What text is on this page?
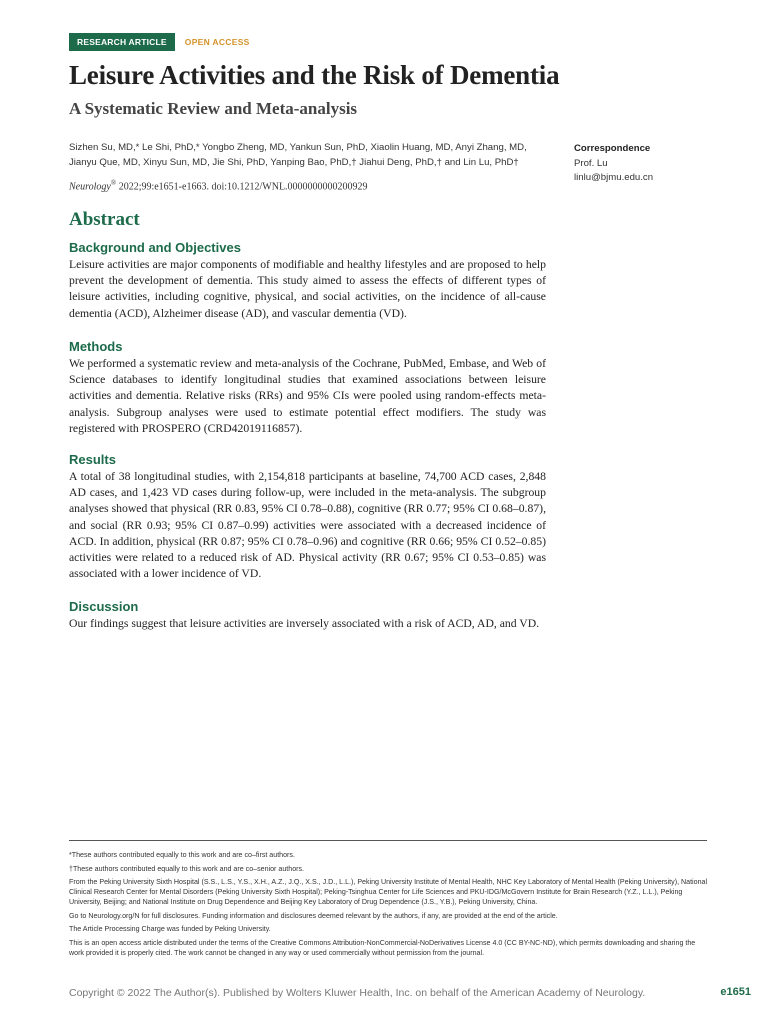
RESEARCH ARTICLE	OPEN ACCESS
Leisure Activities and the Risk of Dementia
A Systematic Review and Meta-analysis
Sizhen Su, MD,* Le Shi, PhD,* Yongbo Zheng, MD, Yankun Sun, PhD, Xiaolin Huang, MD, Anyi Zhang, MD,
Jianyu Que, MD, Xinyu Sun, MD, Jie Shi, PhD, Yanping Bao, PhD,† Jiahui Deng, PhD,† and Lin Lu, PhD†
Neurology® 2022;99:e1651-e1663. doi:10.1212/WNL.0000000000200929
Correspondence
Prof. Lu
linlu@bjmu.edu.cn
Abstract
Background and Objectives

Leisure activities are major components of modifiable and healthy lifestyles and are proposed to help prevent the development of dementia. This study aimed to assess the effects of different types of leisure activities, including cognitive, physical, and social activities, on the incidence of all-cause dementia (ACD), Alzheimer disease (AD), and vascular dementia (VD).

Methods

We performed a systematic review and meta-analysis of the Cochrane, PubMed, Embase, and Web of Science databases to identify longitudinal studies that examined associations between leisure activities and dementia. Relative risks (RRs) and 95% CIs were pooled using random-effects meta-analysis. Subgroup analyses were used to estimate potential effect modifiers. The study was registered with PROSPERO (CRD42019116857).

Results

A total of 38 longitudinal studies, with 2,154,818 participants at baseline, 74,700 ACD cases, 2,848 AD cases, and 1,423 VD cases during follow-up, were included in the meta-analysis. The subgroup analyses showed that physical (RR 0.83, 95% CI 0.78–0.88), cognitive (RR 0.77; 95% CI 0.68–0.87), and social (RR 0.93; 95% CI 0.87–0.99) activities were associated with a decreased incidence of ACD. In addition, physical (RR 0.87; 95% CI 0.78–0.96) and cognitive (RR 0.66; 95% CI 0.52–0.85) activities were related to a reduced risk of AD. Physical activity (RR 0.67; 95% CI 0.53–0.85) was associated with a lower incidence of VD.

Discussion

Our findings suggest that leisure activities are inversely associated with a risk of ACD, AD, and VD.

*These authors contributed equally to this work and are co–first authors.
†These authors contributed equally to this work and are co–senior authors.
From the Peking University Sixth Hospital (S.S., L.S., Y.S., X.H., A.Z., J.Q., X.S., J.D., L.L.), Peking University Institute of Mental Health, NHC Key Laboratory of Mental Health (Peking University), National Clinical Research Center for Mental Disorders (Peking University Sixth Hospital); Peking-Tsinghua Center for Life Sciences and PKU-IDG/McGovern Institute for Brain Research (Y.Z., L.L.), Peking University, Beijing; and National Institute on Drug Dependence and Beijing Key Laboratory of Drug Dependence (J.S., Y.B.), Peking University, China.
Go to Neurology.org/N for full disclosures. Funding information and disclosures deemed relevant by the authors, if any, are provided at the end of the article.
The Article Processing Charge was funded by Peking University.
This is an open access article distributed under the terms of the Creative Commons Attribution-NonCommercial-NoDerivatives License 4.0 (CC BY-NC-ND), which permits downloading and sharing the work provided it is properly cited. The work cannot be changed in any way or used commercially without permission from the journal.
Copyright © 2022 The Author(s). Published by Wolters Kluwer Health, Inc. on behalf of the American Academy of Neurology.	e1651
